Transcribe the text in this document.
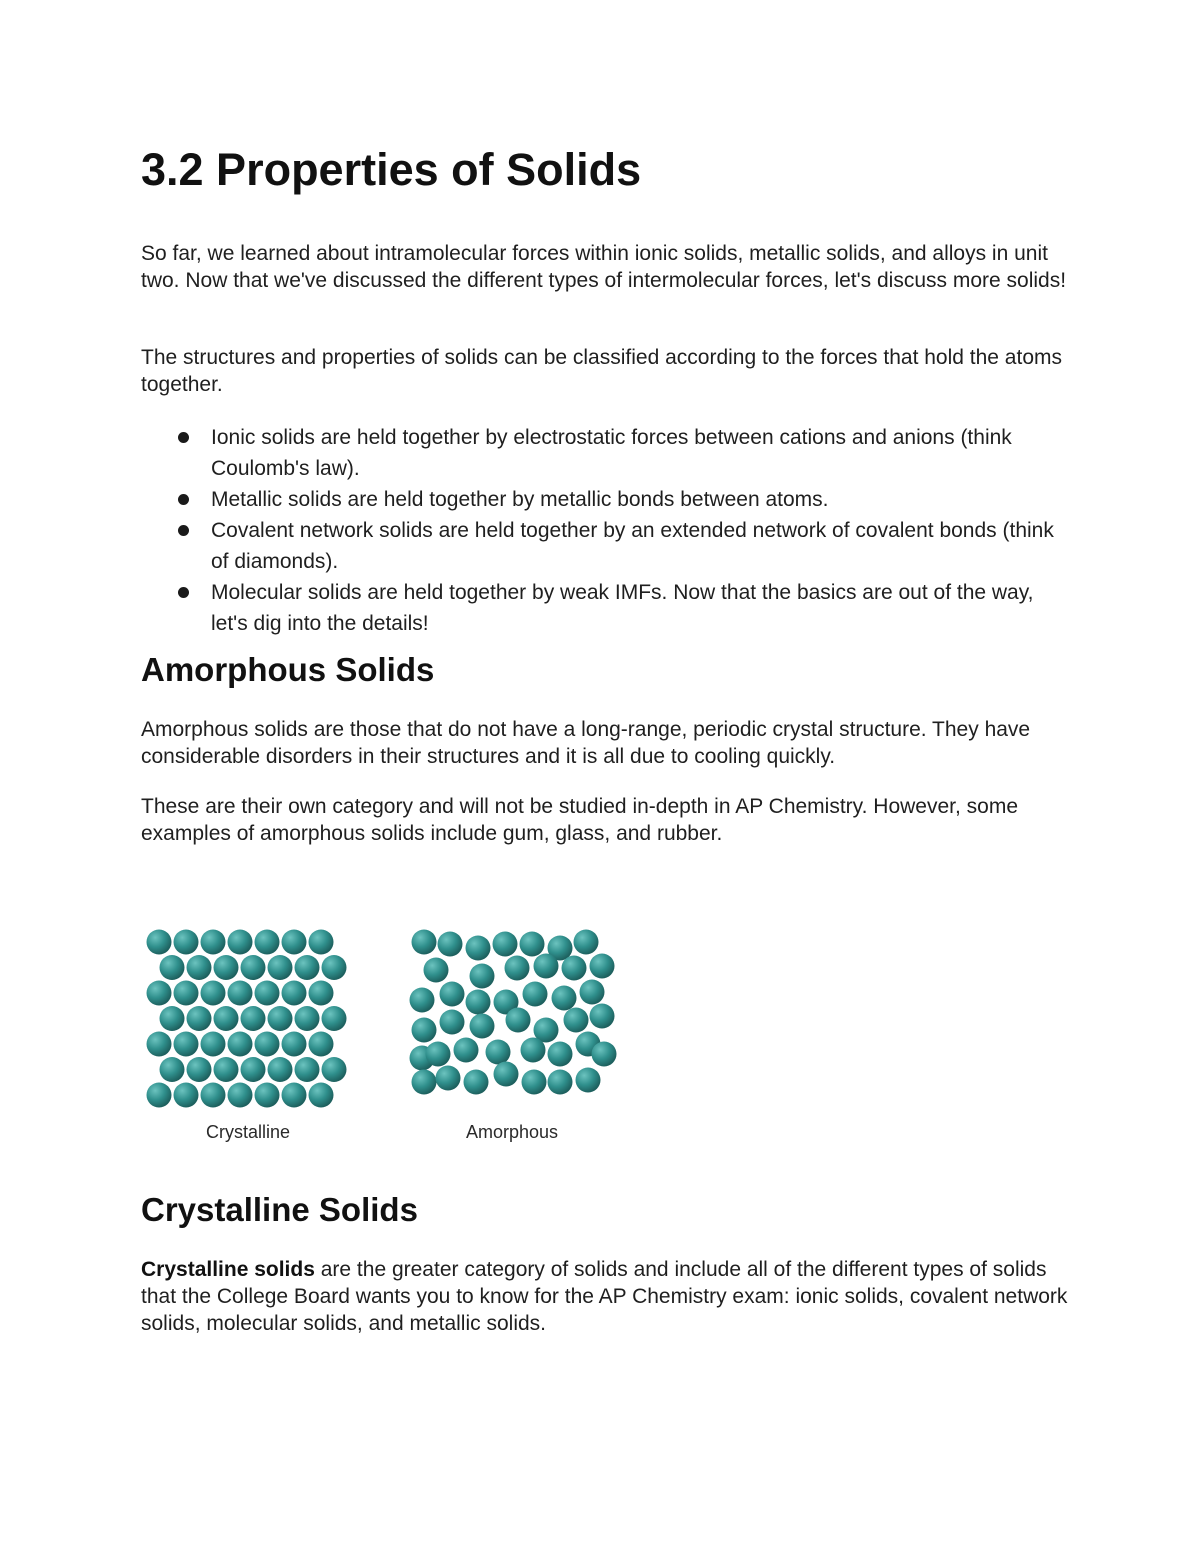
3.2 Properties of Solids

So far, we learned about intramolecular forces within ionic solids, metallic solids, and alloys in unit two. Now that we've discussed the different types of intermolecular forces, let's discuss more solids!

The structures and properties of solids can be classified according to the forces that hold the atoms together.

Ionic solids are held together by electrostatic forces between cations and anions (think Coulomb's law).
Metallic solids are held together by metallic bonds between atoms.
Covalent network solids are held together by an extended network of covalent bonds (think of diamonds).
Molecular solids are held together by weak IMFs. Now that the basics are out of the way, let's dig into the details!
Amorphous Solids

Amorphous solids are those that do not have a long-range, periodic crystal structure. They have considerable disorders in their structures and it is all due to cooling quickly.

These are their own category and will not be studied in-depth in AP Chemistry. However, some examples of amorphous solids include gum, glass, and rubber.

Crystalline	Amorphous
Crystalline Solids

Crystalline solids are the greater category of solids and include all of the different types of solids that the College Board wants you to know for the AP Chemistry exam: ionic solids, covalent network solids, molecular solids, and metallic solids.
